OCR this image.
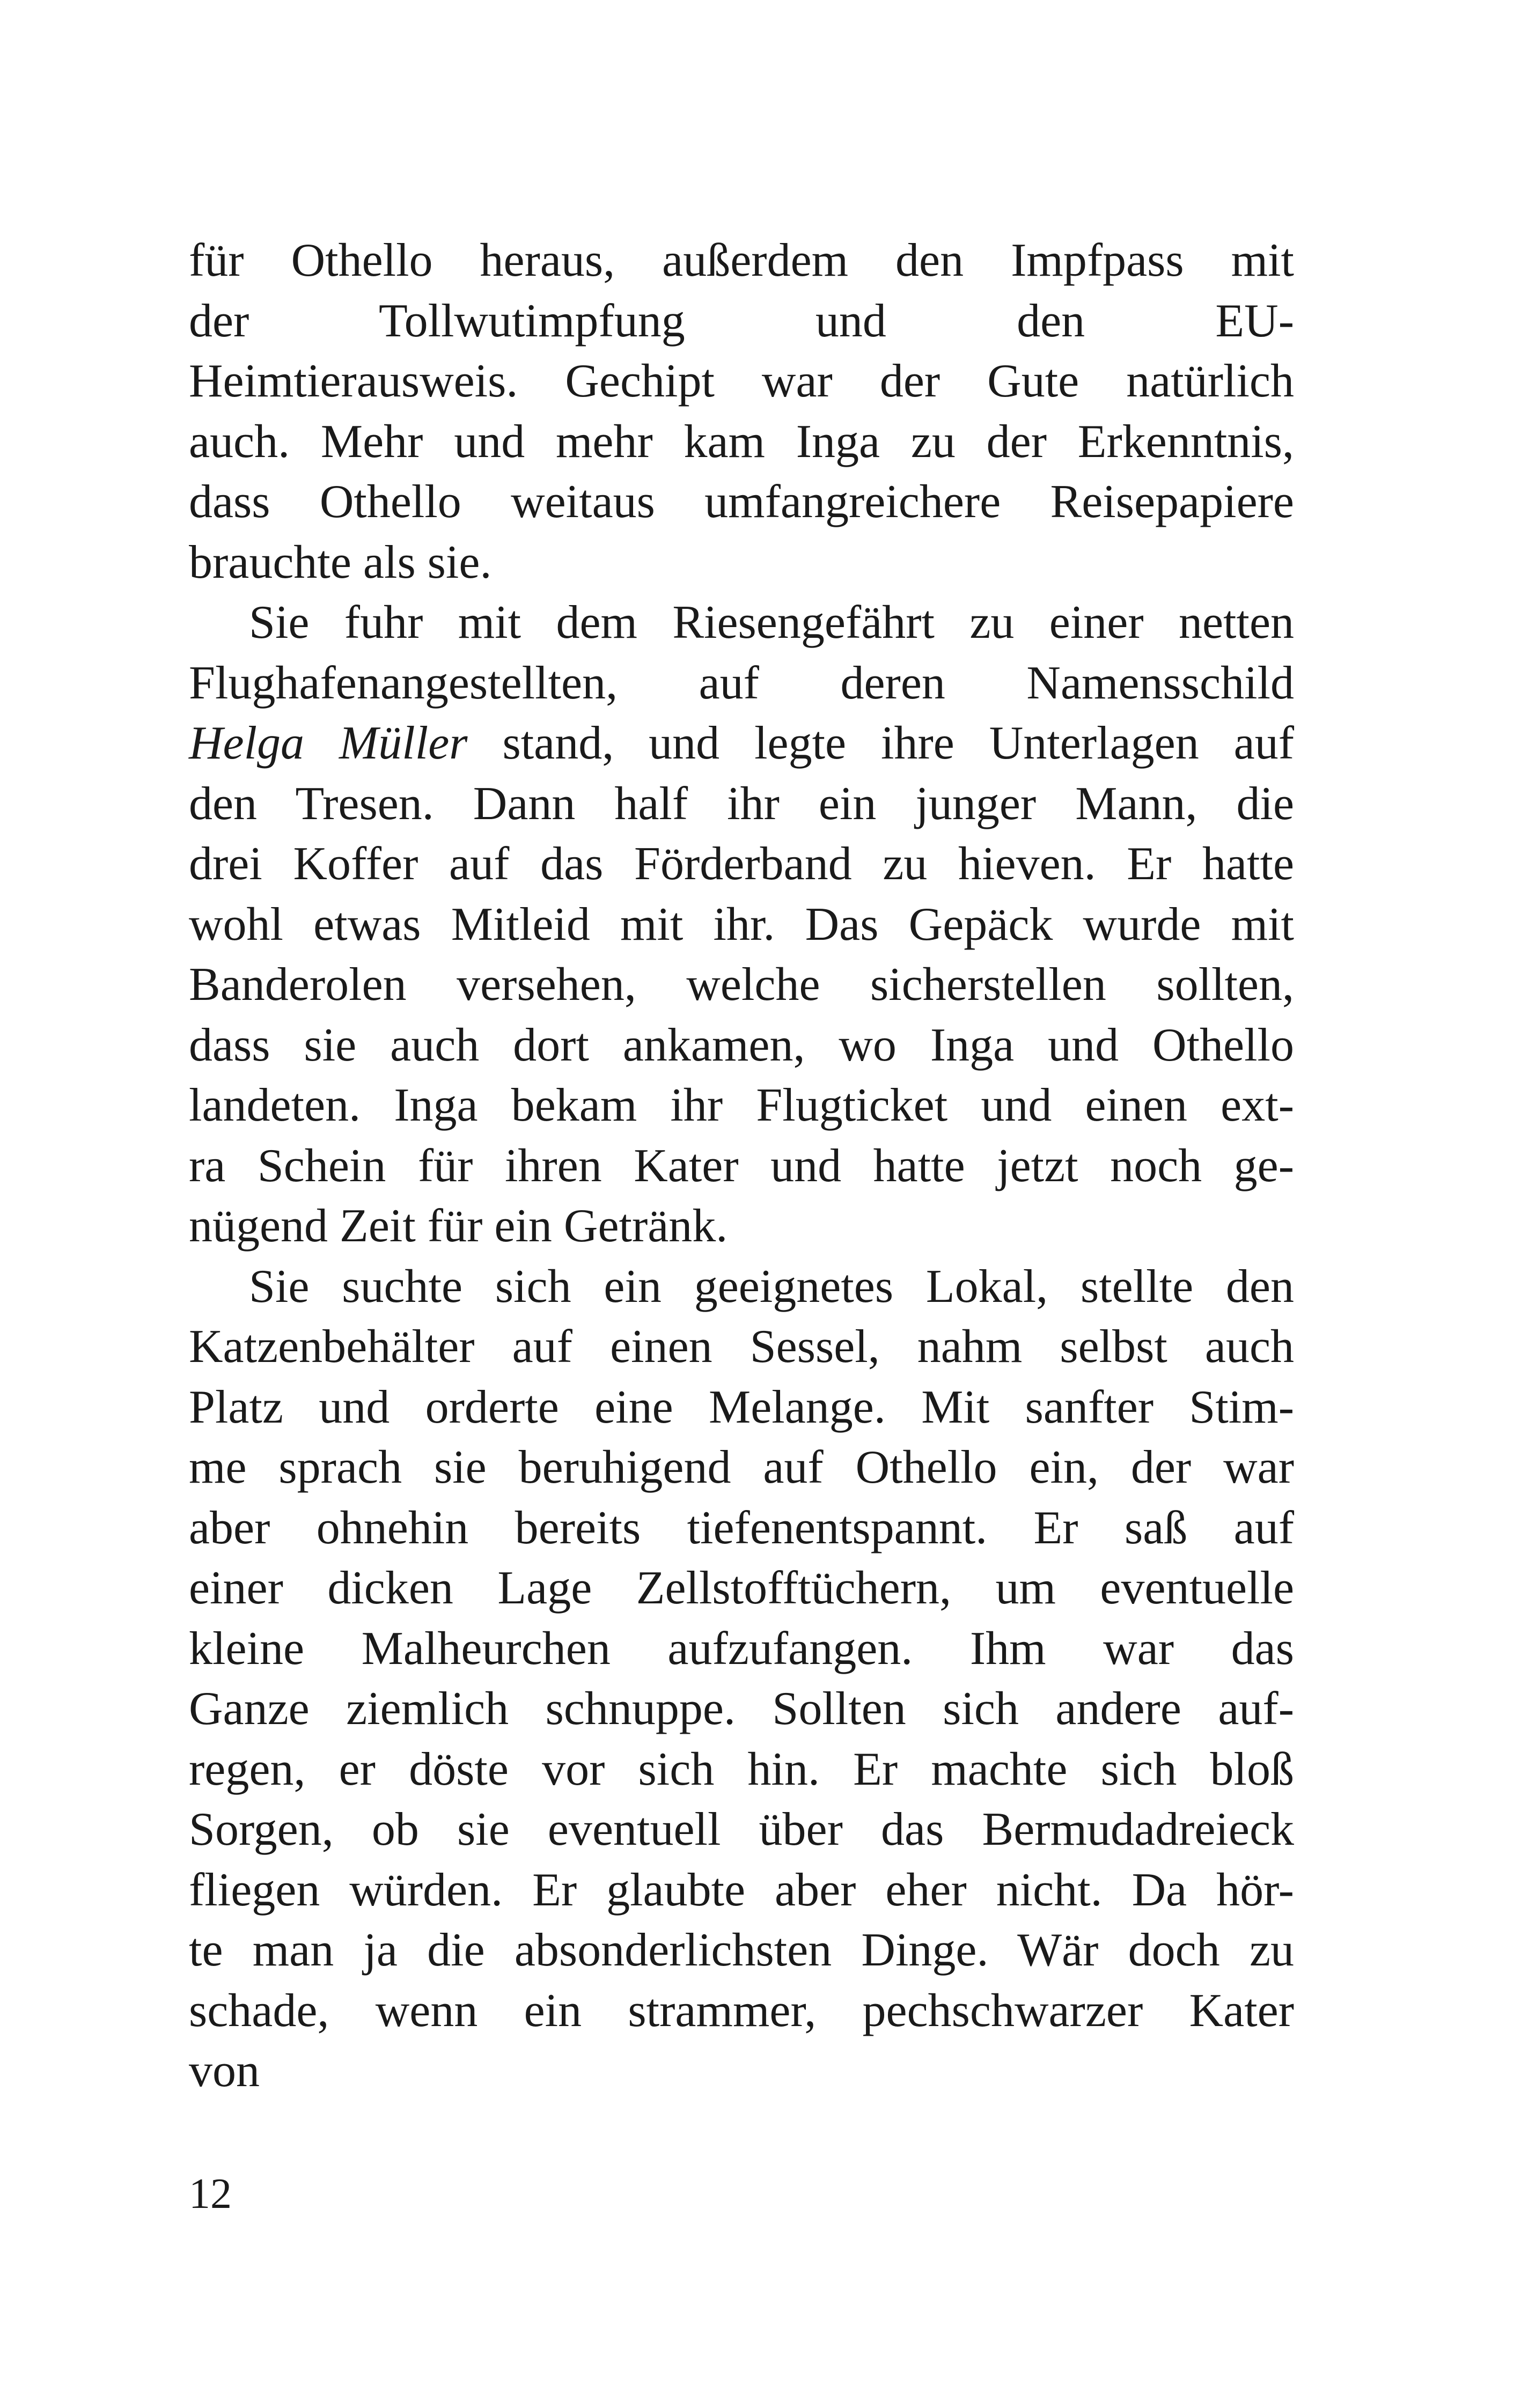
für Othello heraus, außerdem den Impfpass mit
der Tollwutimpfung und den EU-
Heimtierausweis. Gechipt war der Gute natürlich
auch. Mehr und mehr kam Inga zu der Erkenntnis,
dass Othello weitaus umfangreichere Reisepapiere
brauchte als sie.
Sie fuhr mit dem Riesengefährt zu einer netten
Flughafenangestellten, auf deren Namensschild
Helga Müller stand, und legte ihre Unterlagen auf
den Tresen. Dann half ihr ein junger Mann, die
drei Koffer auf das Förderband zu hieven. Er hatte
wohl etwas Mitleid mit ihr. Das Gepäck wurde mit
Banderolen versehen, welche sicherstellen sollten,
dass sie auch dort ankamen, wo Inga und Othello
landeten. Inga bekam ihr Flugticket und einen ext-
ra Schein für ihren Kater und hatte jetzt noch ge-
nügend Zeit für ein Getränk.
Sie suchte sich ein geeignetes Lokal, stellte den
Katzenbehälter auf einen Sessel, nahm selbst auch
Platz und orderte eine Melange. Mit sanfter Stim-
me sprach sie beruhigend auf Othello ein, der war
aber ohnehin bereits tiefenentspannt. Er saß auf
einer dicken Lage Zellstofftüchern, um eventuelle
kleine Malheurchen aufzufangen. Ihm war das
Ganze ziemlich schnuppe. Sollten sich andere auf-
regen, er döste vor sich hin. Er machte sich bloß
Sorgen, ob sie eventuell über das Bermudadreieck
fliegen würden. Er glaubte aber eher nicht. Da hör-
te man ja die absonderlichsten Dinge. Wär doch zu
schade, wenn ein strammer, pechschwarzer Kater
von
12
